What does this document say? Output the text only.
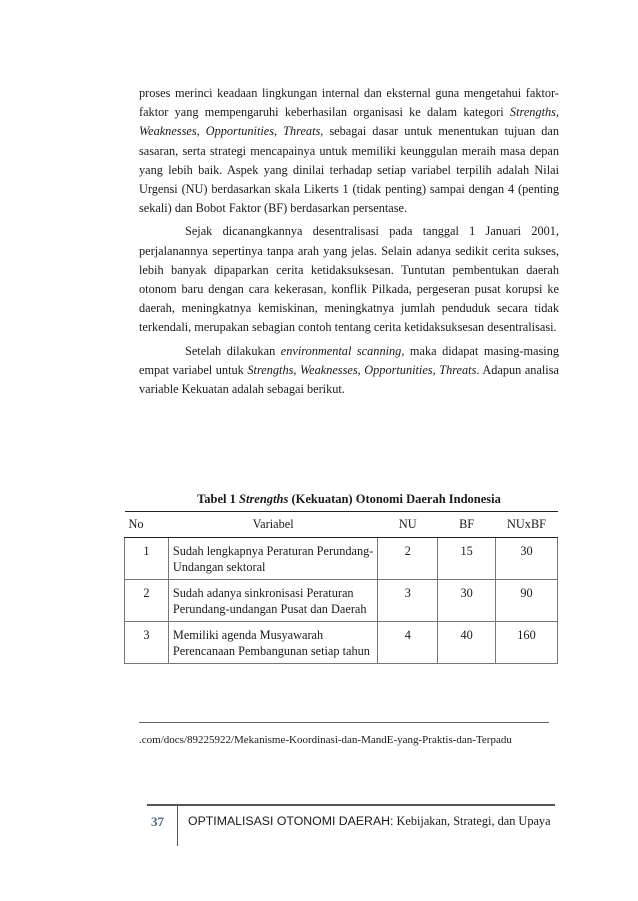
proses merinci keadaan lingkungan internal dan eksternal guna mengetahui faktor-faktor yang mempengaruhi keberhasilan organisasi ke dalam kategori Strengths, Weaknesses, Opportunities, Threats, sebagai dasar untuk menentukan tujuan dan sasaran, serta strategi mencapainya untuk memiliki keunggulan meraih masa depan yang lebih baik. Aspek yang dinilai terhadap setiap variabel terpilih adalah Nilai Urgensi (NU) berdasarkan skala Likerts 1 (tidak penting) sampai dengan 4 (penting sekali) dan Bobot Faktor (BF) berdasarkan persentase.

Sejak dicanangkannya desentralisasi pada tanggal 1 Januari 2001, perjalanannya sepertinya tanpa arah yang jelas. Selain adanya sedikit cerita sukses, lebih banyak dipaparkan cerita ketidaksuksesan. Tuntutan pembentukan daerah otonom baru dengan cara kekerasan, konflik Pilkada, pergeseran pusat korupsi ke daerah, meningkatnya kemiskinan, meningkatnya jumlah penduduk secara tidak terkendali, merupakan sebagian contoh tentang cerita ketidaksuksesan desentralisasi.

Setelah dilakukan environmental scanning, maka didapat masing-masing empat variabel untuk Strengths, Weaknesses, Opportunities, Threats. Adapun analisa variable Kekuatan adalah sebagai berikut.

Tabel 1 Strengths (Kekuatan) Otonomi Daerah Indonesia
No	Variabel	NU	BF	NUxBF
1	Sudah lengkapnya Peraturan Perundang-Undangan sektoral	2	15	30
2	Sudah adanya sinkronisasi Peraturan Perundang-undangan Pusat dan Daerah	3	30	90
3	Memiliki agenda Musyawarah Perencanaan Pembangunan setiap tahun	4	40	160
.com/docs/89225922/Mekanisme-Koordinasi-dan-MandE-yang-Praktis-dan-Terpadu
37 OPTIMALISASI OTONOMI DAERAH: Kebijakan, Strategi, dan Upaya
